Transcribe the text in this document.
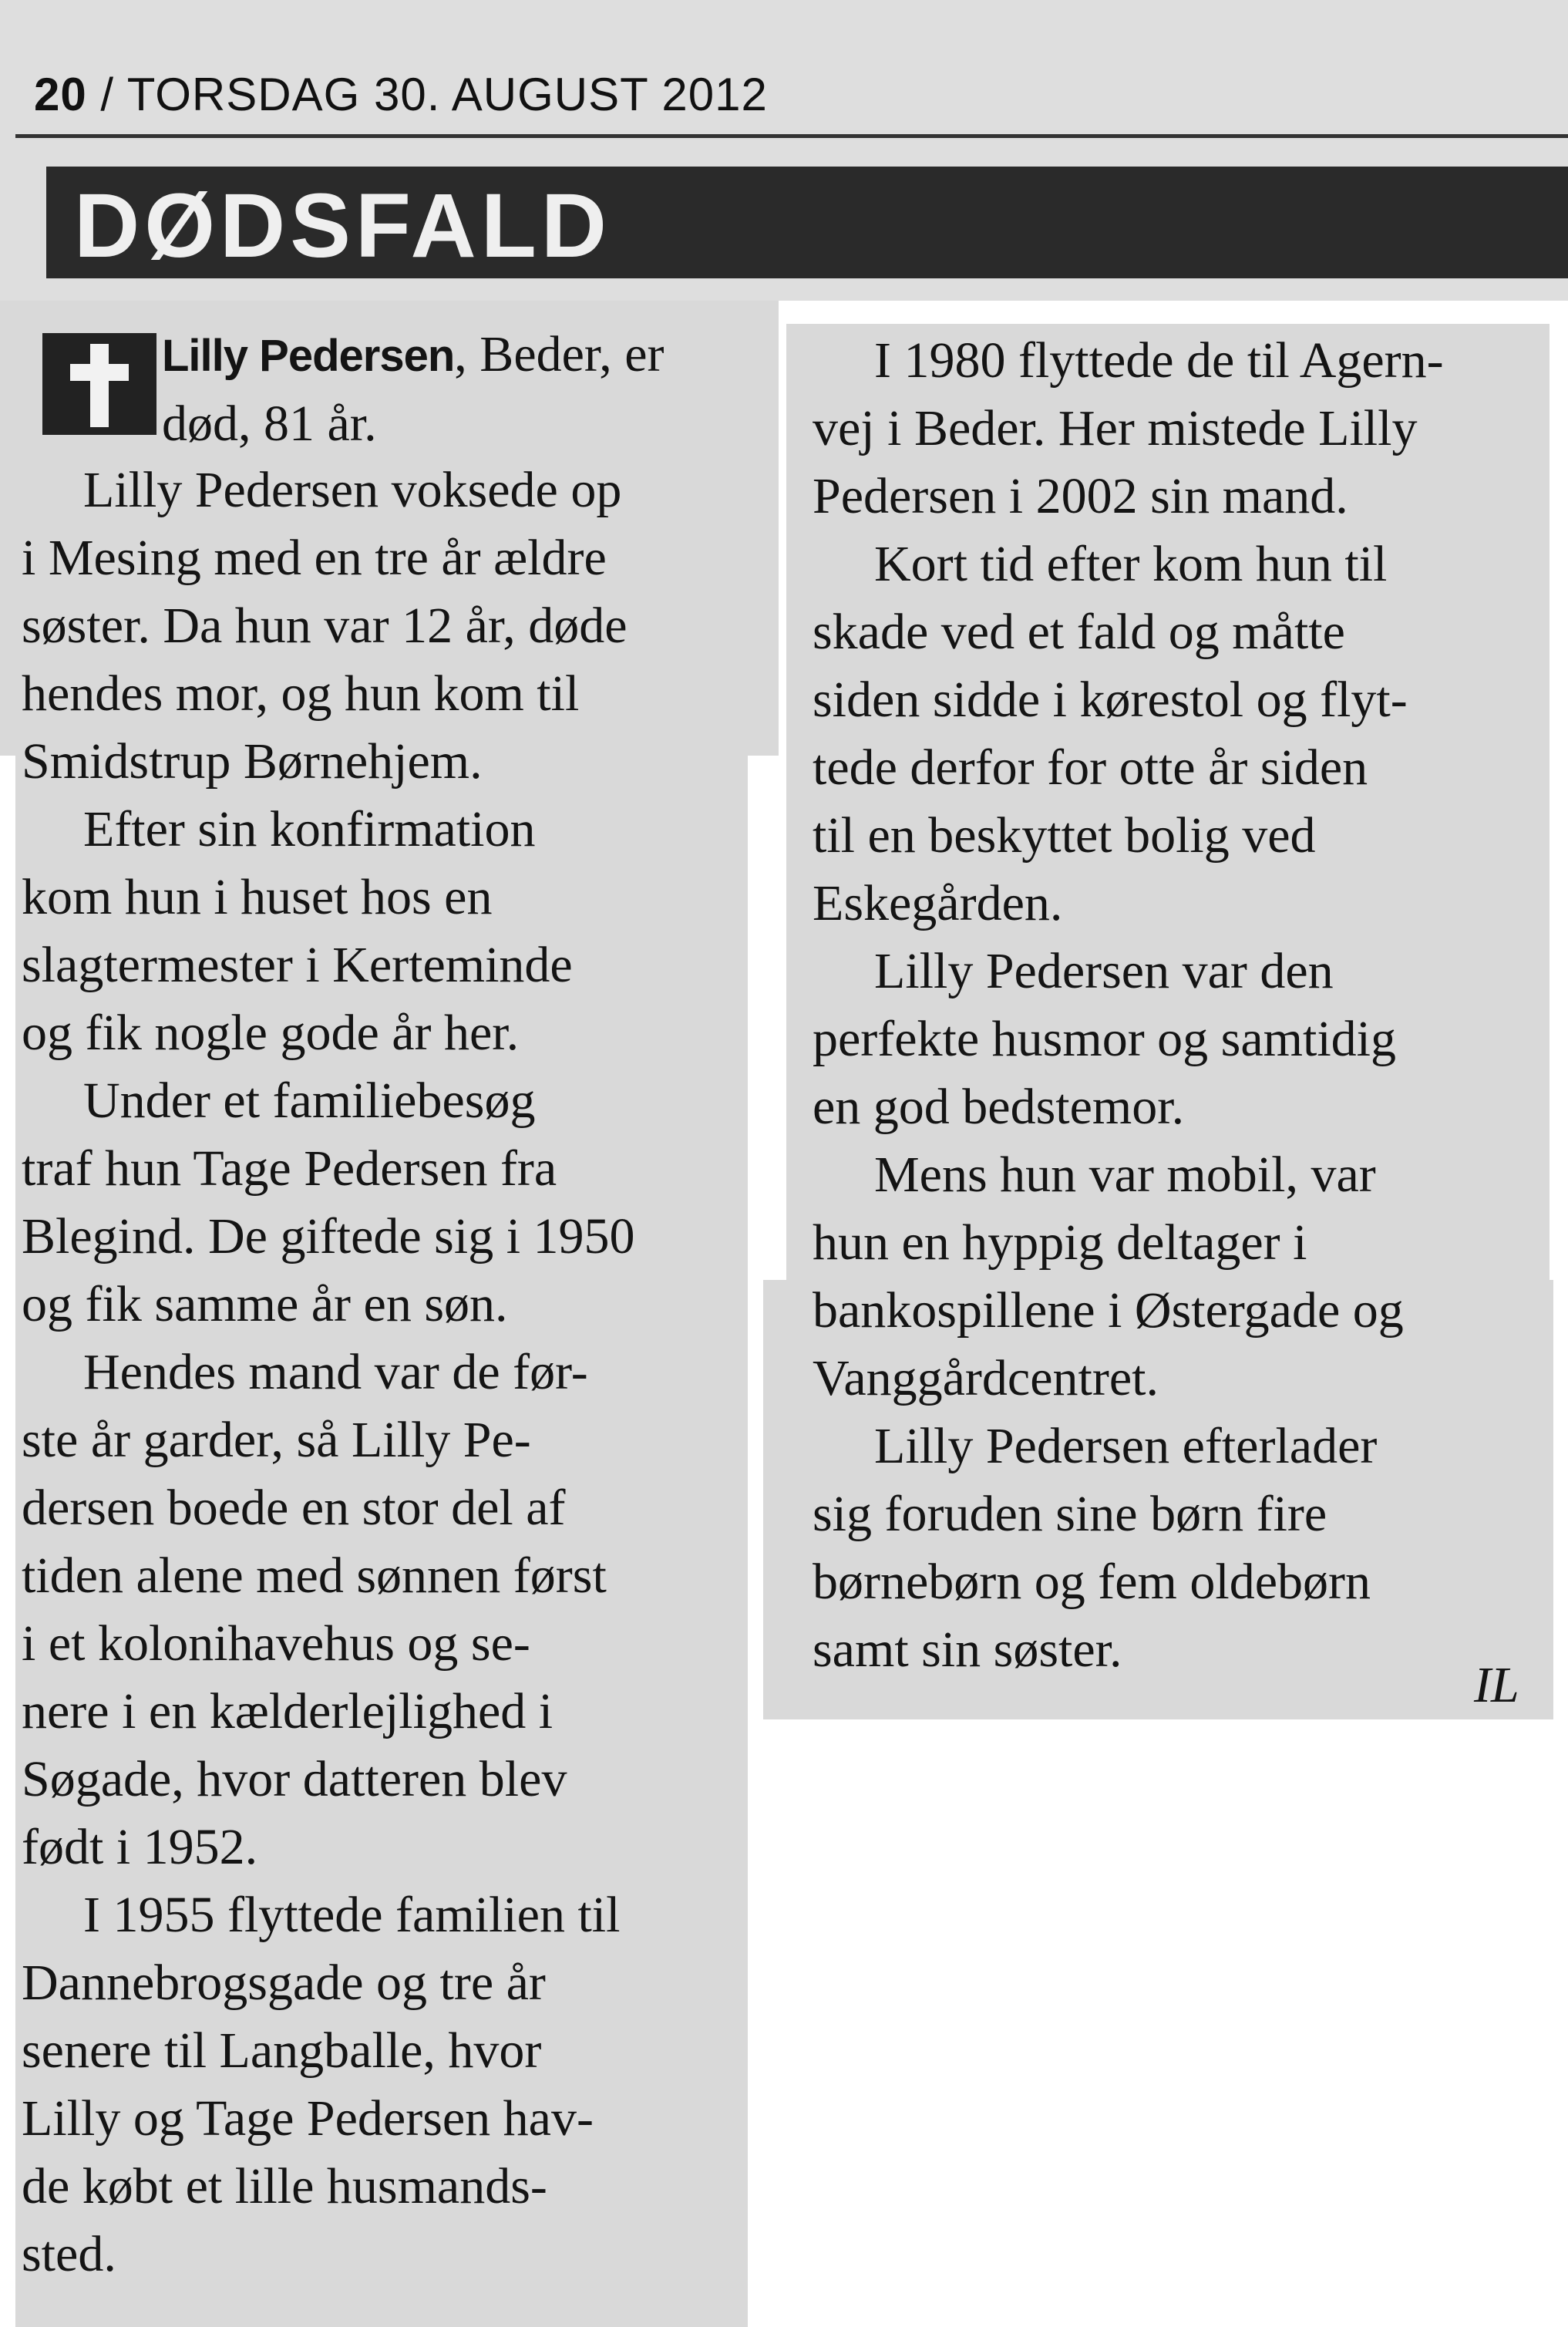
20 / TORSDAG 30. AUGUST 2012
DØDSFALD
Lilly Pedersen, Beder, er
død, 81 år.

Lilly Pedersen voksede op
i Mesing med en tre år ældre
søster. Da hun var 12 år, døde
hendes mor, og hun kom til
Smidstrup Børnehjem.

Efter sin konfirmation
kom hun i huset hos en
slagtermester i Kerteminde
og fik nogle gode år her.

Under et familiebesøg
traf hun Tage Pedersen fra
Blegind. De giftede sig i 1950
og fik samme år en søn.

Hendes mand var de før-
ste år garder, så Lilly Pe-
dersen boede en stor del af
tiden alene med sønnen først
i et kolonihavehus og se-
nere i en kælderlejlighed i
Søgade, hvor datteren blev
født i 1952.

I 1955 flyttede familien til
Dannebrogsgade og tre år
senere til Langballe, hvor
Lilly og Tage Pedersen hav-
de købt et lille husmands-
sted.

I 1980 flyttede de til Agern-
vej i Beder. Her mistede Lilly
Pedersen i 2002 sin mand.

Kort tid efter kom hun til
skade ved et fald og måtte
siden sidde i kørestol og flyt-
tede derfor for otte år siden
til en beskyttet bolig ved
Eskegården.

Lilly Pedersen var den
perfekte husmor og samtidig
en god bedstemor.

Mens hun var mobil, var
hun en hyppig deltager i
bankospillene i Østergade og
Vanggårdcentret.

Lilly Pedersen efterlader
sig foruden sine børn fire
børnebørn og fem oldebørn
samt sin søster.

IL
